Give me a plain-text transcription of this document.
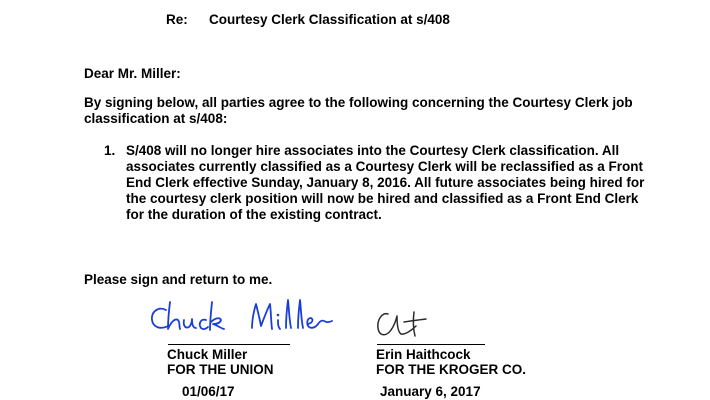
Re: Courtesy Clerk Classification at s/408
Dear Mr. Miller:

By signing below, all parties agree to the following concerning the Courtesy Clerk job classification at s/408:

1. S/408 will no longer hire associates into the Courtesy Clerk classification. All associates currently classified as a Courtesy Clerk will be reclassified as a Front End Clerk effective Sunday, January 8, 2016. All future associates being hired for the courtesy clerk position will now be hired and classified as a Front End Clerk for the duration of the existing contract.

Please sign and return to me.
Chuck Miller
FOR THE UNION
Erin Haithcock
FOR THE KROGER CO.
01/06/17	January 6, 2017
